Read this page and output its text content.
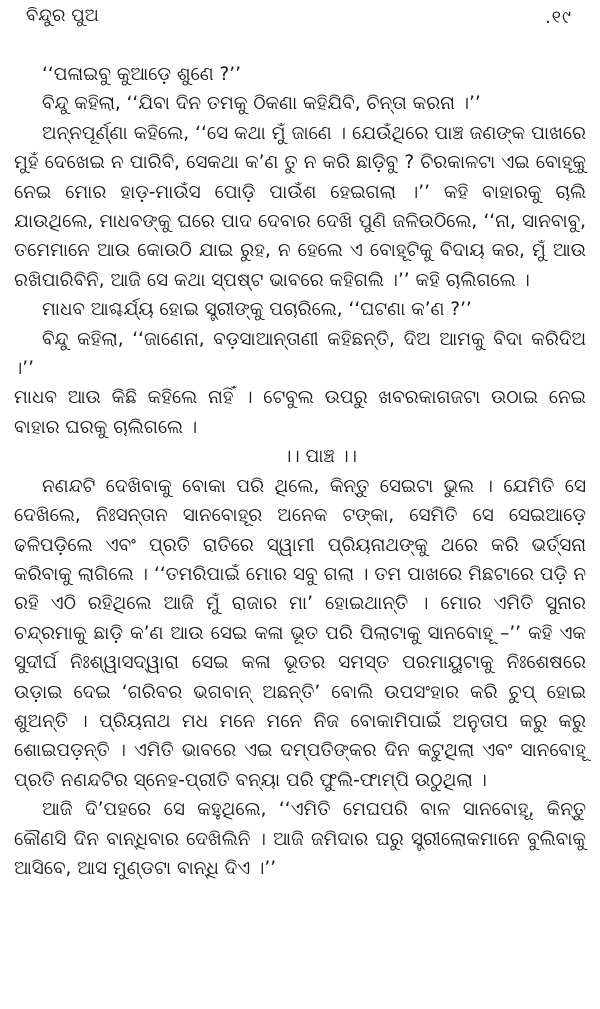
ବିନ୍ଦୁର ପୁଅ	.୧୯

‘‘ପଳାଇବୁ କୁଆଡ଼େ ଶୁଣେ ?’’

ବିନ୍ଦୁ କହିଲା, ‘‘ଯିବା ଦିନ ତମକୁ ଠିକଣା କହିଯିବି, ଚିନ୍ତା କରନା ।’’

ଅନ୍ନପୂର୍ଣ୍ଣା କହିଲେ, ‘‘ସେ କଥା ମୁଁ ଜାଣେ । ଯେଉଁଥିରେ ପାଞ୍ଚ ଜଣଙ୍କ ପାଖରେ ମୁହଁ ଦେଖେଇ ନ ପାରିବି, ସେକଥା କ’ଣ ତୁ ନ କରି ଛାଡ଼ିବୁ ? ଚିରକାଳଟା ଏଇ ବୋହୂକୁ ନେଇ ମୋର ହାଡ଼-ମାଉଁସ ପୋଡ଼ି ପାଉଁଶ ହେଇଗଲା ।’’ କହି ବାହାରକୁ ଚାଲି ଯାଉଥିଲେ, ମାଧବଙ୍କୁ ଘରେ ପାଦ ଦେବାର ଦେଖି ପୁଣି ଜଳିଉଠିଲେ, ‘‘ନା, ସାନବାବୁ, ତମେମାନେ ଆଉ କୋଉଠି ଯାଇ ରୁହ, ନ ହେଲେ ଏ ବୋହୂଟିକୁ ବିଦାୟ କର, ମୁଁ ଆଉ ରଖିପାରିବିନି, ଆଜି ସେ କଥା ସ୍ପଷ୍ଟ ଭାବରେ କହିଗଲି ।’’ କହି ଚାଲିଗଲେ ।

ମାଧବ ଆଶ୍ଚର୍ଯ୍ୟ ହୋଇ ସ୍ତ୍ରୀଙ୍କୁ ପଚାରିଲେ, ‘‘ଘଟଣା କ’ଣ ?’’

ବିନ୍ଦୁ କହିଲା, ‘‘ଜାଣେନା, ବଡ଼ସାଆନ୍ତାଣୀ କହିଛନ୍ତି, ଦିଅ ଆମକୁ ବିଦା କରିଦିଅ ।’’

ମାଧବ ଆଉ କିଛି କହିଲେ ନାହିଁ । ଟେବୁଲ ଉପରୁ ଖବରକାଗଜଟା ଉଠାଇ ନେଇ ବାହାର ଘରକୁ ଚାଲିଗଲେ ।

।। ପାଞ୍ଚ ।।

ନଣନ୍ଦଟି ଦେଖିବାକୁ ବୋକା ପରି ଥିଲେ, କିନ୍ତୁ ସେଇଟା ଭୁଲ । ଯେମିତି ସେ ଦେଖିଲେ, ନିଃସନ୍ତାନ ସାନବୋହୂର ଅନେକ ଟଙ୍କା, ସେମିତି ସେ ସେଇଆଡ଼େ ଢଳିପଡ଼ିଲେ ଏବଂ ପ୍ରତି ରାତିରେ ସ୍ୱାମୀ ପ୍ରିୟନାଥଙ୍କୁ ଥରେ କରି ଭର୍ତ୍ସନା କରିବାକୁ ଲାଗିଲେ । ‘‘ତମରିପାଇଁ ମୋର ସବୁ ଗଲା । ତମ ପାଖରେ ମିଛଟାରେ ପଡ଼ି ନ ରହି ଏଠି ରହିଥିଲେ ଆଜି ମୁଁ ରାଜାର ମା’ ହୋଇଥାନ୍ତି । ମୋର ଏମିତି ସୁନାର ଚନ୍ଦ୍ରମାକୁ ଛାଡ଼ି କ’ଣ ଆଉ ସେଇ କଳା ଭୂତ ପରି ପିଲାଟାକୁ ସାନବୋହୂ –’’ କହି ଏକ ସୁଦୀର୍ଘ ନିଃଶ୍ୱାସଦ୍ୱାରା ସେଇ କଳା ଭୂତର ସମସ୍ତ ପରମାୟୁଟାକୁ ନିଃଶେଷରେ ଉଡ଼ାଇ ଦେଇ ‘ଗରିବର ଭଗବାନ୍ ଅଛନ୍ତି’ ବୋଲି ଉପସଂହାର କରି ଚୁପ୍ ହୋଇ ଶୁଅନ୍ତି । ପ୍ରିୟନାଥ ମଧ ମନେ ମନେ ନିଜ ବୋକାମିପାଇଁ ଅନୁତାପ କରୁ କରୁ ଶୋଇପଡ଼ନ୍ତି । ଏମିତି ଭାବରେ ଏଇ ଦମ୍ପତିଙ୍କର ଦିନ କଟୁଥିଲା ଏବଂ ସାନବୋହୂ ପ୍ରତି ନଣନ୍ଦଟିର ସ୍ନେହ-ପ୍ରୀତି ବନ୍ୟା ପରି ଫୁଲି-ଫାମ୍ପି ଉଠୁଥିଲା ।

ଆଜି ଦି’ପହରେ ସେ କହୁଥିଲେ, ‘‘ଏମିତି ମେଘପରି ବାଳ ସାନବୋହୂ, କିନ୍ତୁ କୌଣସି ଦିନ ବାନ୍ଧିବାର ଦେଖିଲିନି । ଆଜି ଜମିଦାର ଘରୁ ସ୍ତ୍ରୀଲୋକମାନେ ବୁଲିବାକୁ ଆସିବେ, ଆସ ମୁଣ୍ଡଟା ବାନ୍ଧି ଦିଏ ।’’
